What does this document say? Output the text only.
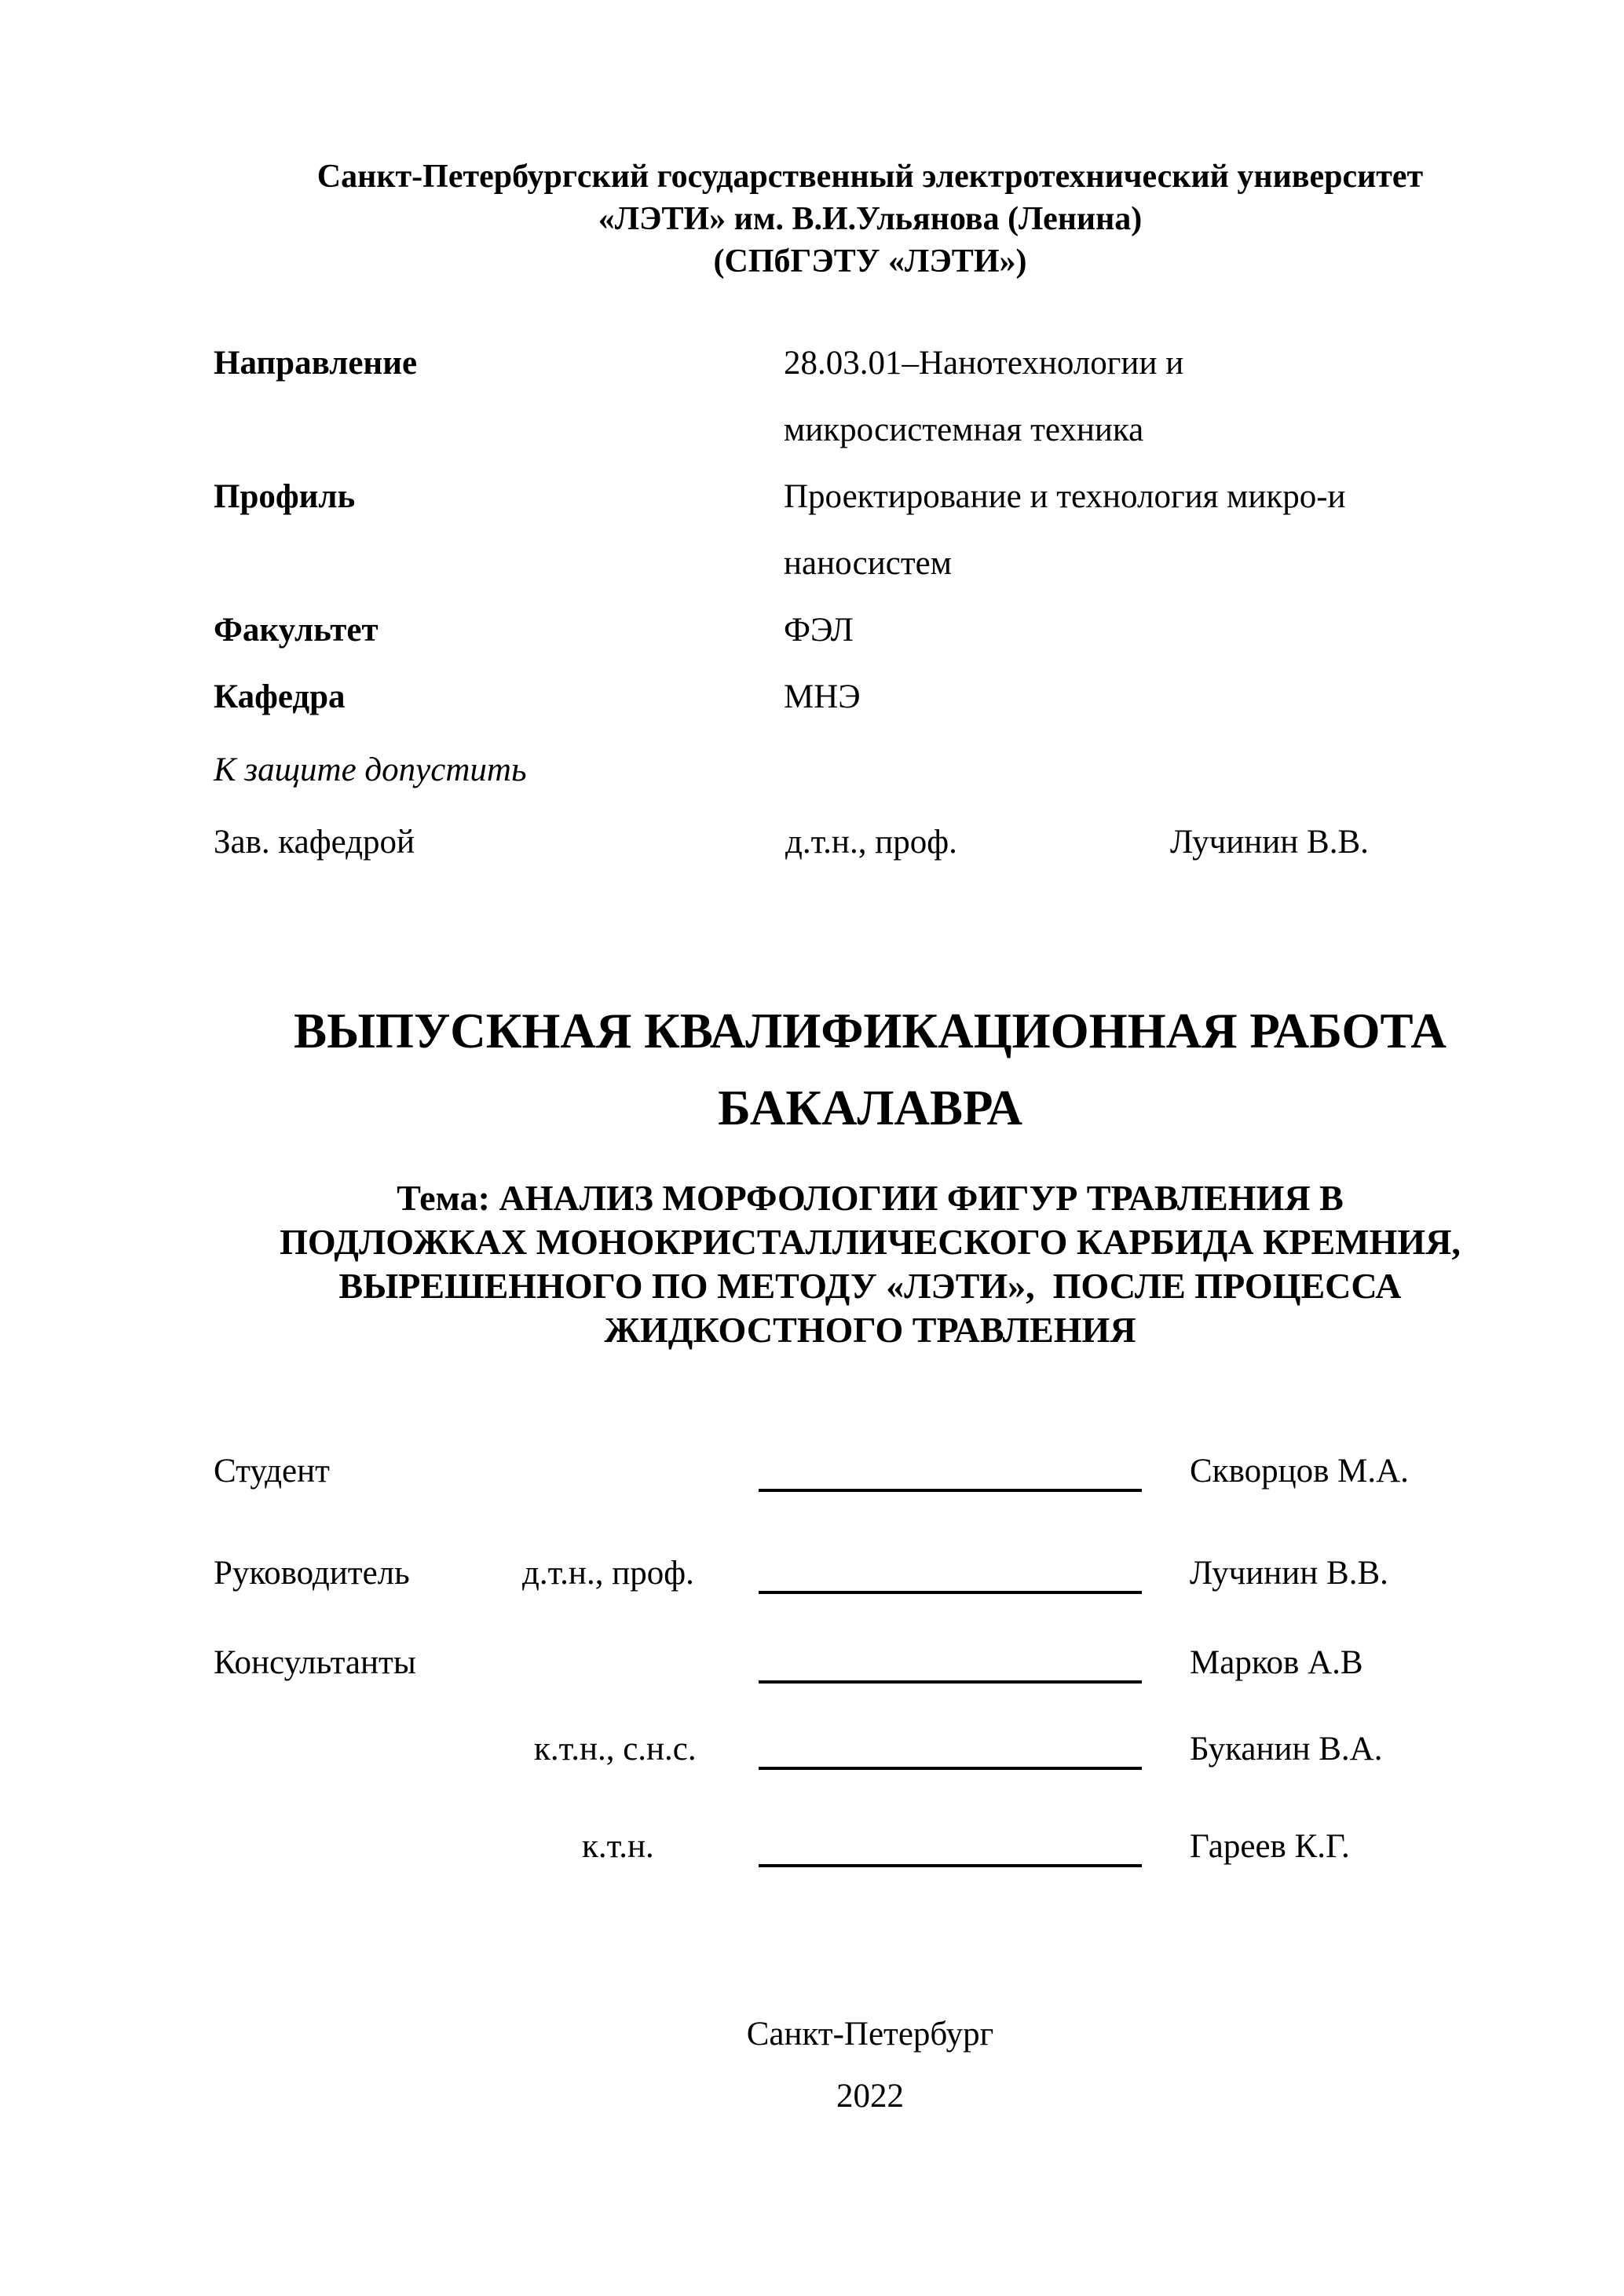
Санкт-Петербургский государственный электротехнический университет
«ЛЭТИ» им. В.И.Ульянова (Ленина)
(СПбГЭТУ «ЛЭТИ»)
Направление	28.03.01–Нанотехнологии и
микросистемная техника
Профиль	Проектирование и технология микро-и
наносистем
Факультет	ФЭЛ
Кафедра	МНЭ
К защите допустить
Зав. кафедрой	д.т.н., проф.	Лучинин В.В.
ВЫПУСКНАЯ КВАЛИФИКАЦИОННАЯ РАБОТА
БАКАЛАВРА
Тема: АНАЛИЗ МОРФОЛОГИИ ФИГУР ТРАВЛЕНИЯ В
ПОДЛОЖКАХ МОНОКРИСТАЛЛИЧЕСКОГО КАРБИДА КРЕМНИЯ,
ВЫРЕШЕННОГО ПО МЕТОДУ «ЛЭТИ»,  ПОСЛЕ ПРОЦЕССА
ЖИДКОСТНОГО ТРАВЛЕНИЯ
Студент	Скворцов М.А.
Руководитель	д.т.н., проф.	Лучинин В.В.
Консультанты	Марков А.В
к.т.н., с.н.с.	Буканин В.А.
к.т.н.	Гареев К.Г.
Санкт-Петербург
2022
